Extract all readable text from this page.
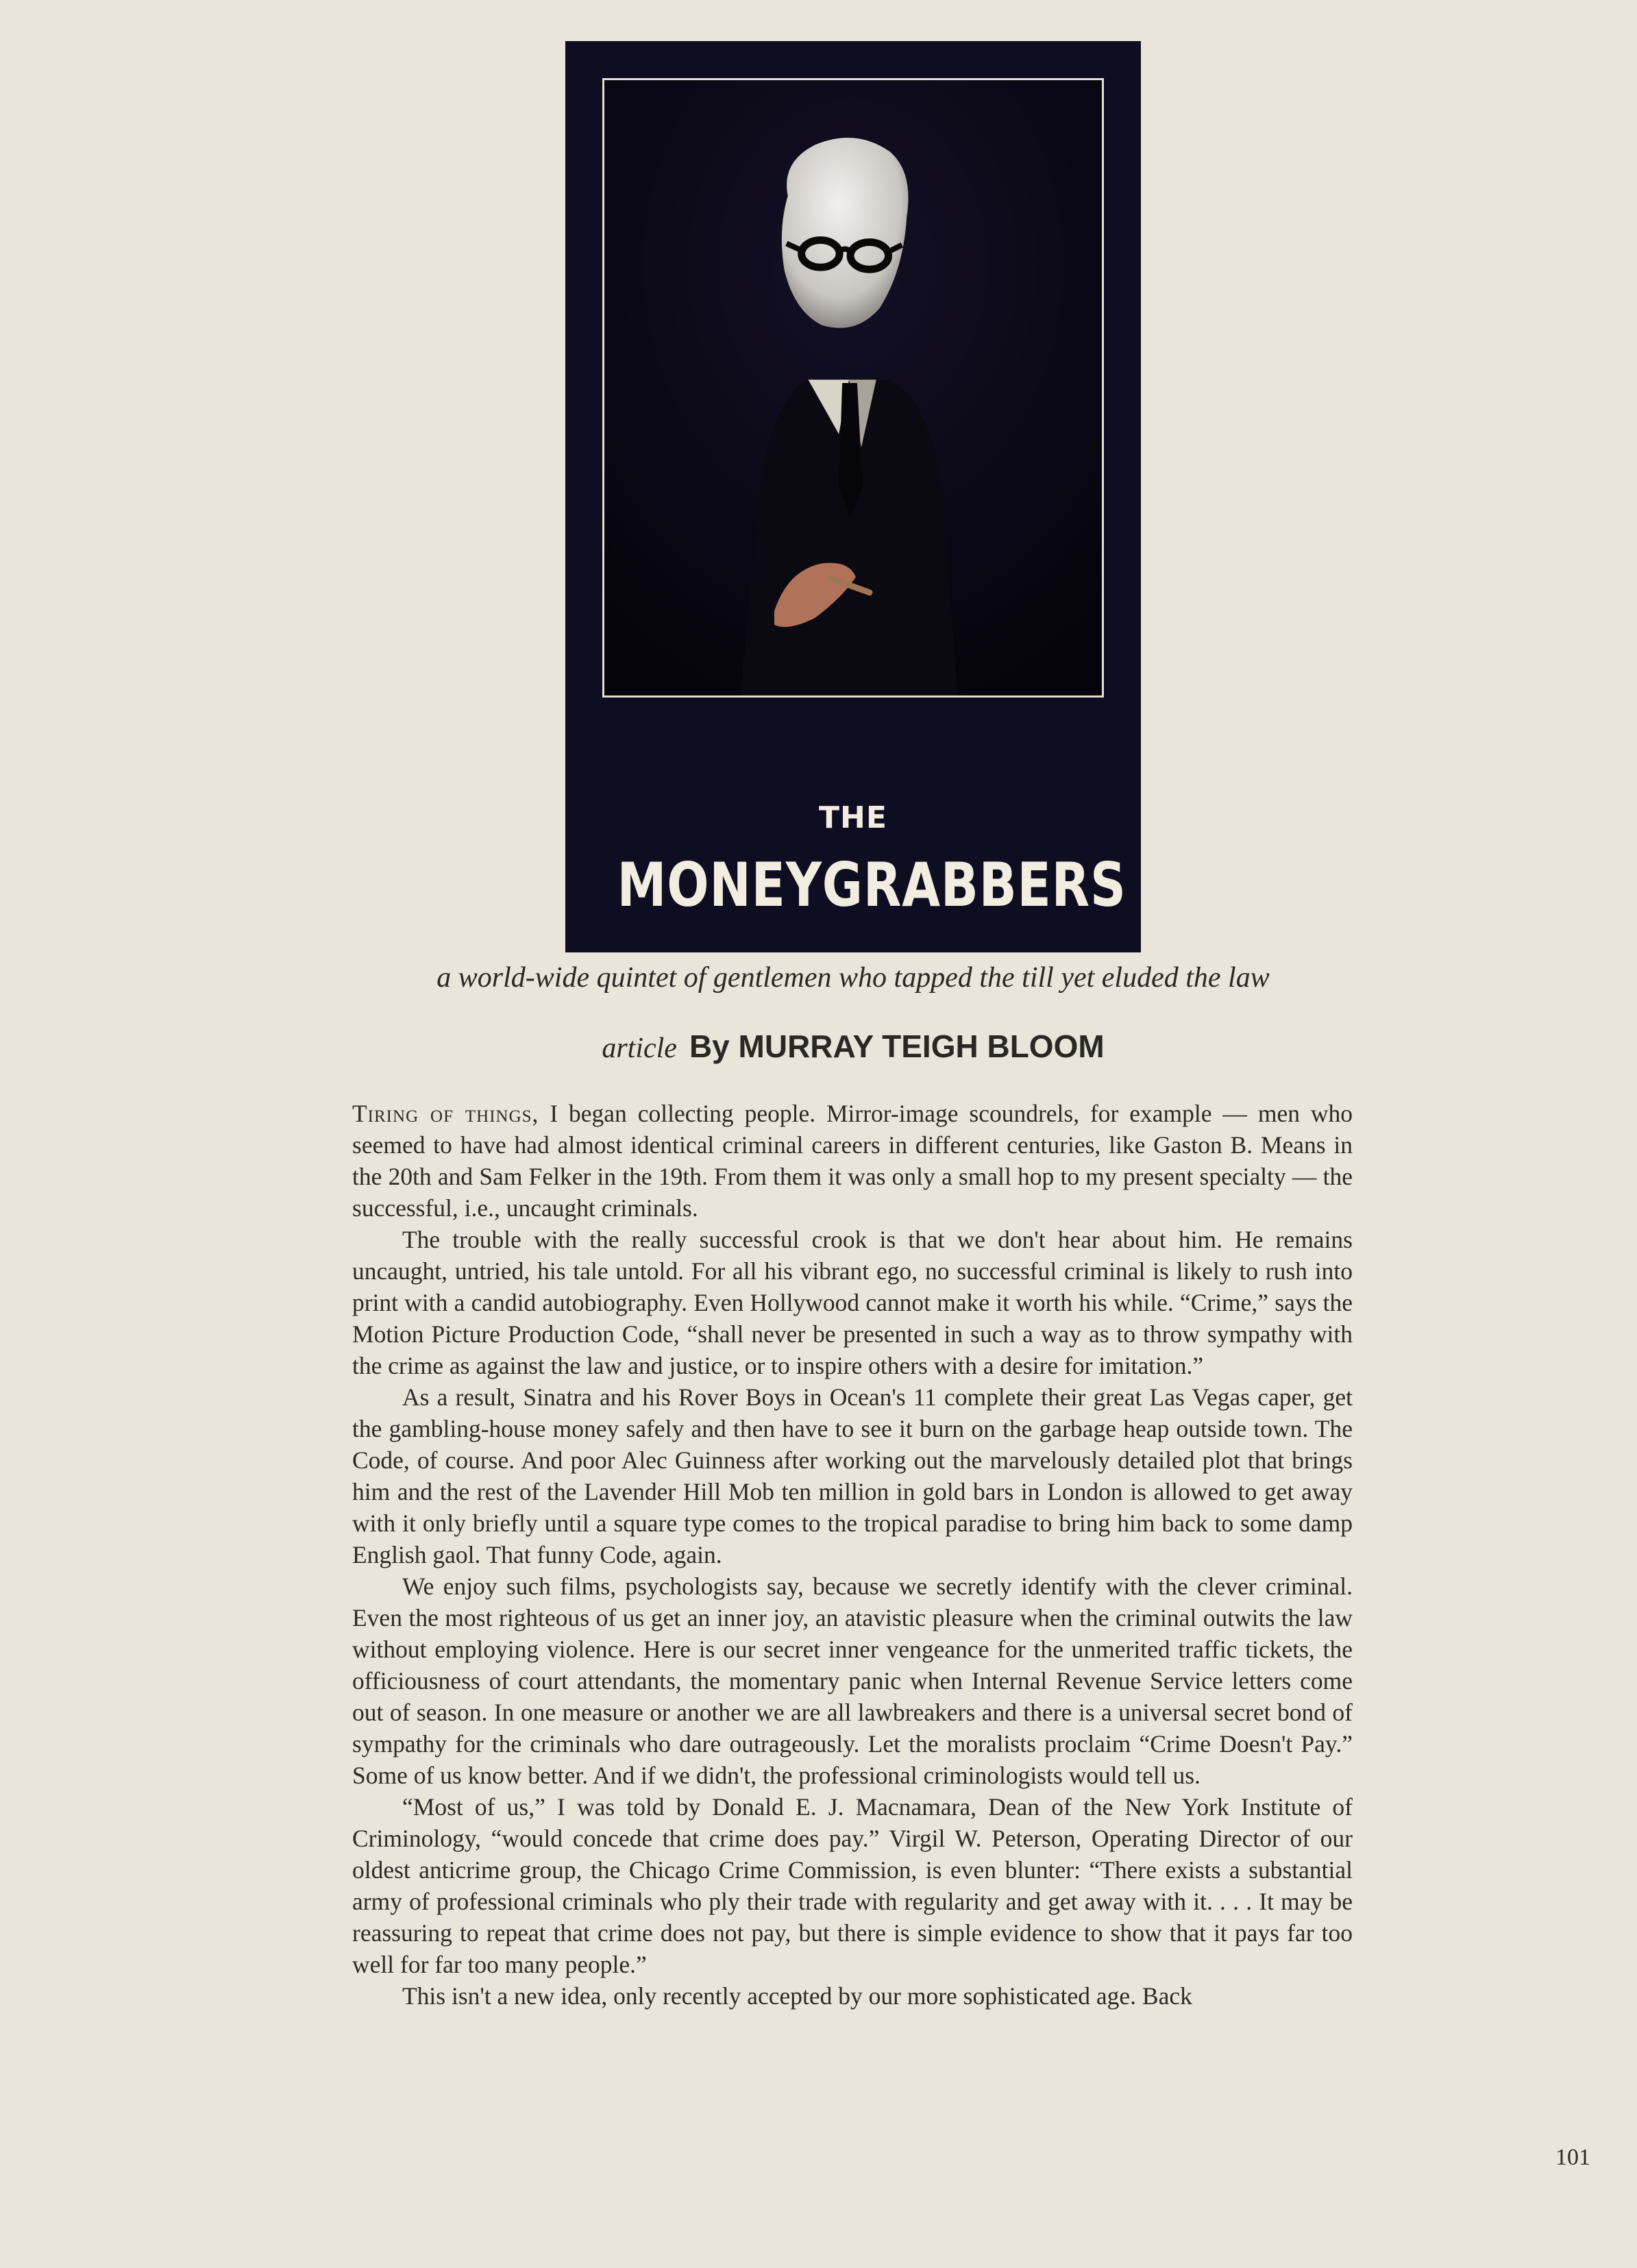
THE
MONEYGRABBERS
a world-wide quintet of gentlemen who tapped the till yet eluded the law
article By MURRAY TEIGH BLOOM

Tiring of things, I began collecting people. Mirror-image scoundrels, for example — men who seemed to have had almost identical criminal careers in different centuries, like Gaston B. Means in the 20th and Sam Felker in the 19th. From them it was only a small hop to my present specialty — the successful, i.e., uncaught criminals.

The trouble with the really successful crook is that we don't hear about him. He remains uncaught, untried, his tale untold. For all his vibrant ego, no successful criminal is likely to rush into print with a candid autobiography. Even Hollywood cannot make it worth his while. “Crime,” says the Motion Picture Production Code, “shall never be presented in such a way as to throw sympathy with the crime as against the law and justice, or to inspire others with a desire for imitation.”

As a result, Sinatra and his Rover Boys in Ocean's 11 complete their great Las Vegas caper, get the gambling-house money safely and then have to see it burn on the garbage heap outside town. The Code, of course. And poor Alec Guinness after working out the marvelously detailed plot that brings him and the rest of the Lavender Hill Mob ten million in gold bars in London is allowed to get away with it only briefly until a square type comes to the tropical paradise to bring him back to some damp English gaol. That funny Code, again.

We enjoy such films, psychologists say, because we secretly identify with the clever criminal. Even the most righteous of us get an inner joy, an atavistic pleasure when the criminal outwits the law without employing violence. Here is our secret inner vengeance for the unmerited traffic tickets, the officiousness of court attendants, the momentary panic when Internal Revenue Service letters come out of season. In one measure or another we are all lawbreakers and there is a universal secret bond of sympathy for the criminals who dare outrageously. Let the moralists proclaim “Crime Doesn't Pay.” Some of us know better. And if we didn't, the professional criminologists would tell us.

“Most of us,” I was told by Donald E. J. Macnamara, Dean of the New York Institute of Criminology, “would concede that crime does pay.” Virgil W. Peterson, Operating Director of our oldest anticrime group, the Chicago Crime Commission, is even blunter: “There exists a substantial army of professional criminals who ply their trade with regularity and get away with it. . . . It may be reassuring to repeat that crime does not pay, but there is simple evidence to show that it pays far too well for far too many people.”

This isn't a new idea, only recently accepted by our more sophisticated age. Back

101
